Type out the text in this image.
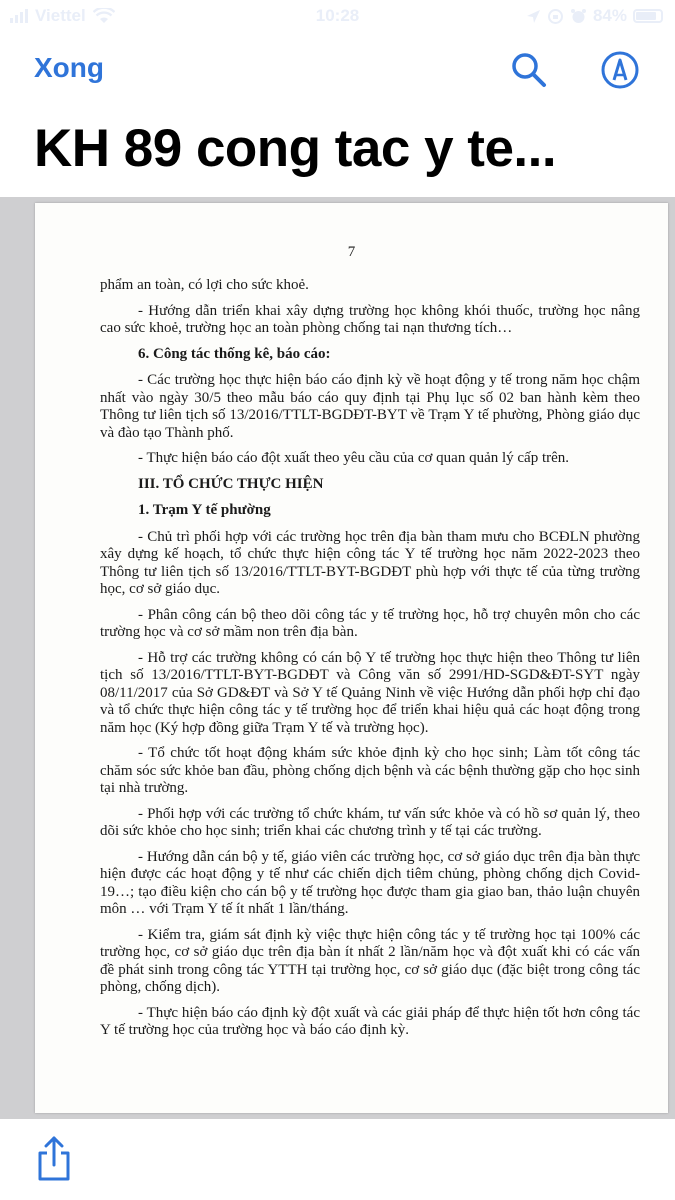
Viettel	10:28	84%
Xong
KH 89 cong tac y te...
7

phẩm an toàn, có lợi cho sức khoẻ.

- Hướng dẫn triển khai xây dựng trường học không khói thuốc, trường học nâng cao sức khoẻ, trường học an toàn phòng chống tai nạn thương tích…

6. Công tác thống kê, báo cáo:

- Các trường học thực hiện báo cáo định kỳ về hoạt động y tế trong năm học chậm nhất vào ngày 30/5 theo mẫu báo cáo quy định tại Phụ lục số 02 ban hành kèm theo Thông tư liên tịch số 13/2016/TTLT-BGDĐT-BYT về Trạm Y tế phường, Phòng giáo dục và đào tạo Thành phố.

- Thực hiện báo cáo đột xuất theo yêu cầu của cơ quan quản lý cấp trên.

III. TỔ CHỨC THỰC HIỆN

1. Trạm Y tế phường

- Chủ trì phối hợp với các trường học trên địa bàn tham mưu cho BCĐLN phường xây dựng kế hoạch, tổ chức thực hiện công tác Y tế trường học năm 2022-2023 theo Thông tư liên tịch số 13/2016/TTLT-BYT-BGDĐT phù hợp với thực tế của từng trường học, cơ sở giáo dục.

- Phân công cán bộ theo dõi công tác y tế trường học, hỗ trợ chuyên môn cho các trường học và cơ sở mầm non trên địa bàn.

- Hỗ trợ các trường không có cán bộ Y tế trường học thực hiện theo Thông tư liên tịch số 13/2016/TTLT-BYT-BGDĐT và Công văn số 2991/HD-SGD&ĐT-SYT ngày 08/11/2017 của Sở GD&ĐT và Sở Y tế Quảng Ninh về việc Hướng dẫn phối hợp chỉ đạo và tổ chức thực hiện công tác y tế trường học để triển khai hiệu quả các hoạt động trong năm học (Ký hợp đồng giữa Trạm Y tế và trường học).

- Tổ chức tốt hoạt động khám sức khỏe định kỳ cho học sinh; Làm tốt công tác chăm sóc sức khỏe ban đầu, phòng chống dịch bệnh và các bệnh thường gặp cho học sinh tại nhà trường.

- Phối hợp với các trường tổ chức khám, tư vấn sức khỏe và có hồ sơ quản lý, theo dõi sức khỏe cho học sinh; triển khai các chương trình y tế tại các trường.

- Hướng dẫn cán bộ y tế, giáo viên các trường học, cơ sở giáo dục trên địa bàn thực hiện được các hoạt động y tế như các chiến dịch tiêm chủng, phòng chống dịch Covid-19…; tạo điều kiện cho cán bộ y tế trường học được tham gia giao ban, thảo luận chuyên môn … với Trạm Y tế ít nhất 1 lần/tháng.

- Kiểm tra, giám sát định kỳ việc thực hiện công tác y tế trường học tại 100% các trường học, cơ sở giáo dục trên địa bàn ít nhất 2 lần/năm học và đột xuất khi có các vấn đề phát sinh trong công tác YTTH tại trường học, cơ sở giáo dục (đặc biệt trong công tác phòng, chống dịch).

- Thực hiện báo cáo định kỳ đột xuất và các giải pháp để thực hiện tốt hơn công tác Y tế trường học của trường học và báo cáo định kỳ.
